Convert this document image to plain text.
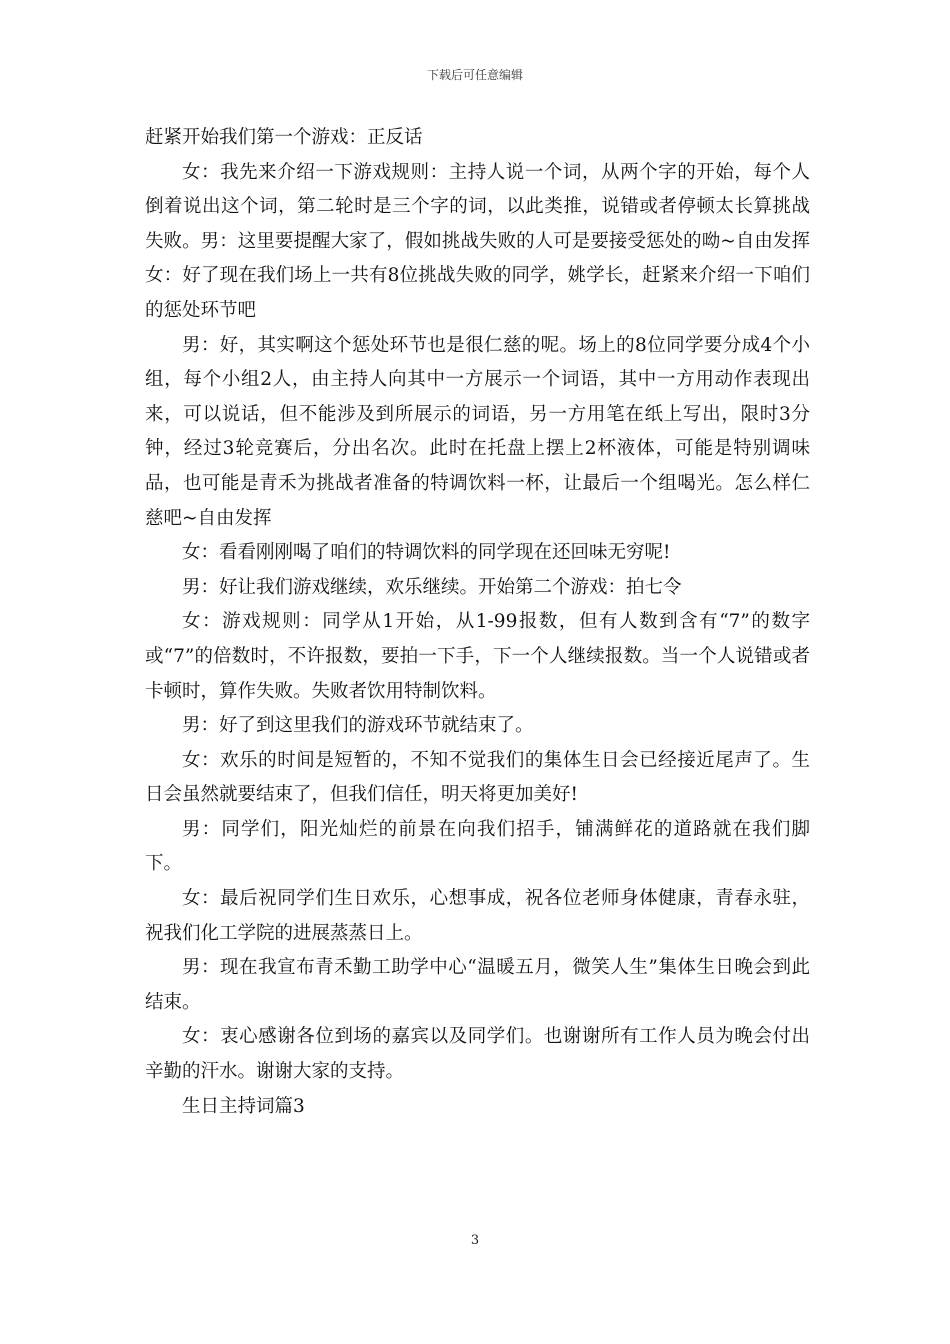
下载后可任意编辑

赶紧开始我们第一个游戏：正反话

女：我先来介绍一下游戏规则：主持人说一个词，从两个字的开始，每个人倒着说出这个词，第二轮时是三个字的词，以此类推，说错或者停顿太长算挑战失败。男：这里要提醒大家了，假如挑战失败的人可是要接受惩处的呦~自由发挥女：好了现在我们场上一共有8位挑战失败的同学，姚学长，赶紧来介绍一下咱们的惩处环节吧

男：好，其实啊这个惩处环节也是很仁慈的呢。场上的8位同学要分成4个小组，每个小组2人，由主持人向其中一方展示一个词语，其中一方用动作表现出来，可以说话，但不能涉及到所展示的词语，另一方用笔在纸上写出，限时3分钟，经过3轮竞赛后，分出名次。此时在托盘上摆上2杯液体，可能是特别调味品，也可能是青禾为挑战者准备的特调饮料一杯，让最后一个组喝光。怎么样仁慈吧~自由发挥

女：看看刚刚喝了咱们的特调饮料的同学现在还回味无穷呢!

男：好让我们游戏继续，欢乐继续。开始第二个游戏：拍七令

女：游戏规则：同学从1开始，从1-99报数，但有人数到含有“7”的数字或“7”的倍数时，不许报数，要拍一下手，下一个人继续报数。当一个人说错或者卡顿时，算作失败。失败者饮用特制饮料。

男：好了到这里我们的游戏环节就结束了。

女：欢乐的时间是短暂的，不知不觉我们的集体生日会已经接近尾声了。生日会虽然就要结束了，但我们信任，明天将更加美好!

男：同学们，阳光灿烂的前景在向我们招手，铺满鲜花的道路就在我们脚下。

女：最后祝同学们生日欢乐，心想事成，祝各位老师身体健康，青春永驻，祝我们化工学院的进展蒸蒸日上。

男：现在我宣布青禾勤工助学中心“温暖五月，微笑人生”集体生日晚会到此结束。

女：衷心感谢各位到场的嘉宾以及同学们。也谢谢所有工作人员为晚会付出辛勤的汗水。谢谢大家的支持。

生日主持词篇3

3
